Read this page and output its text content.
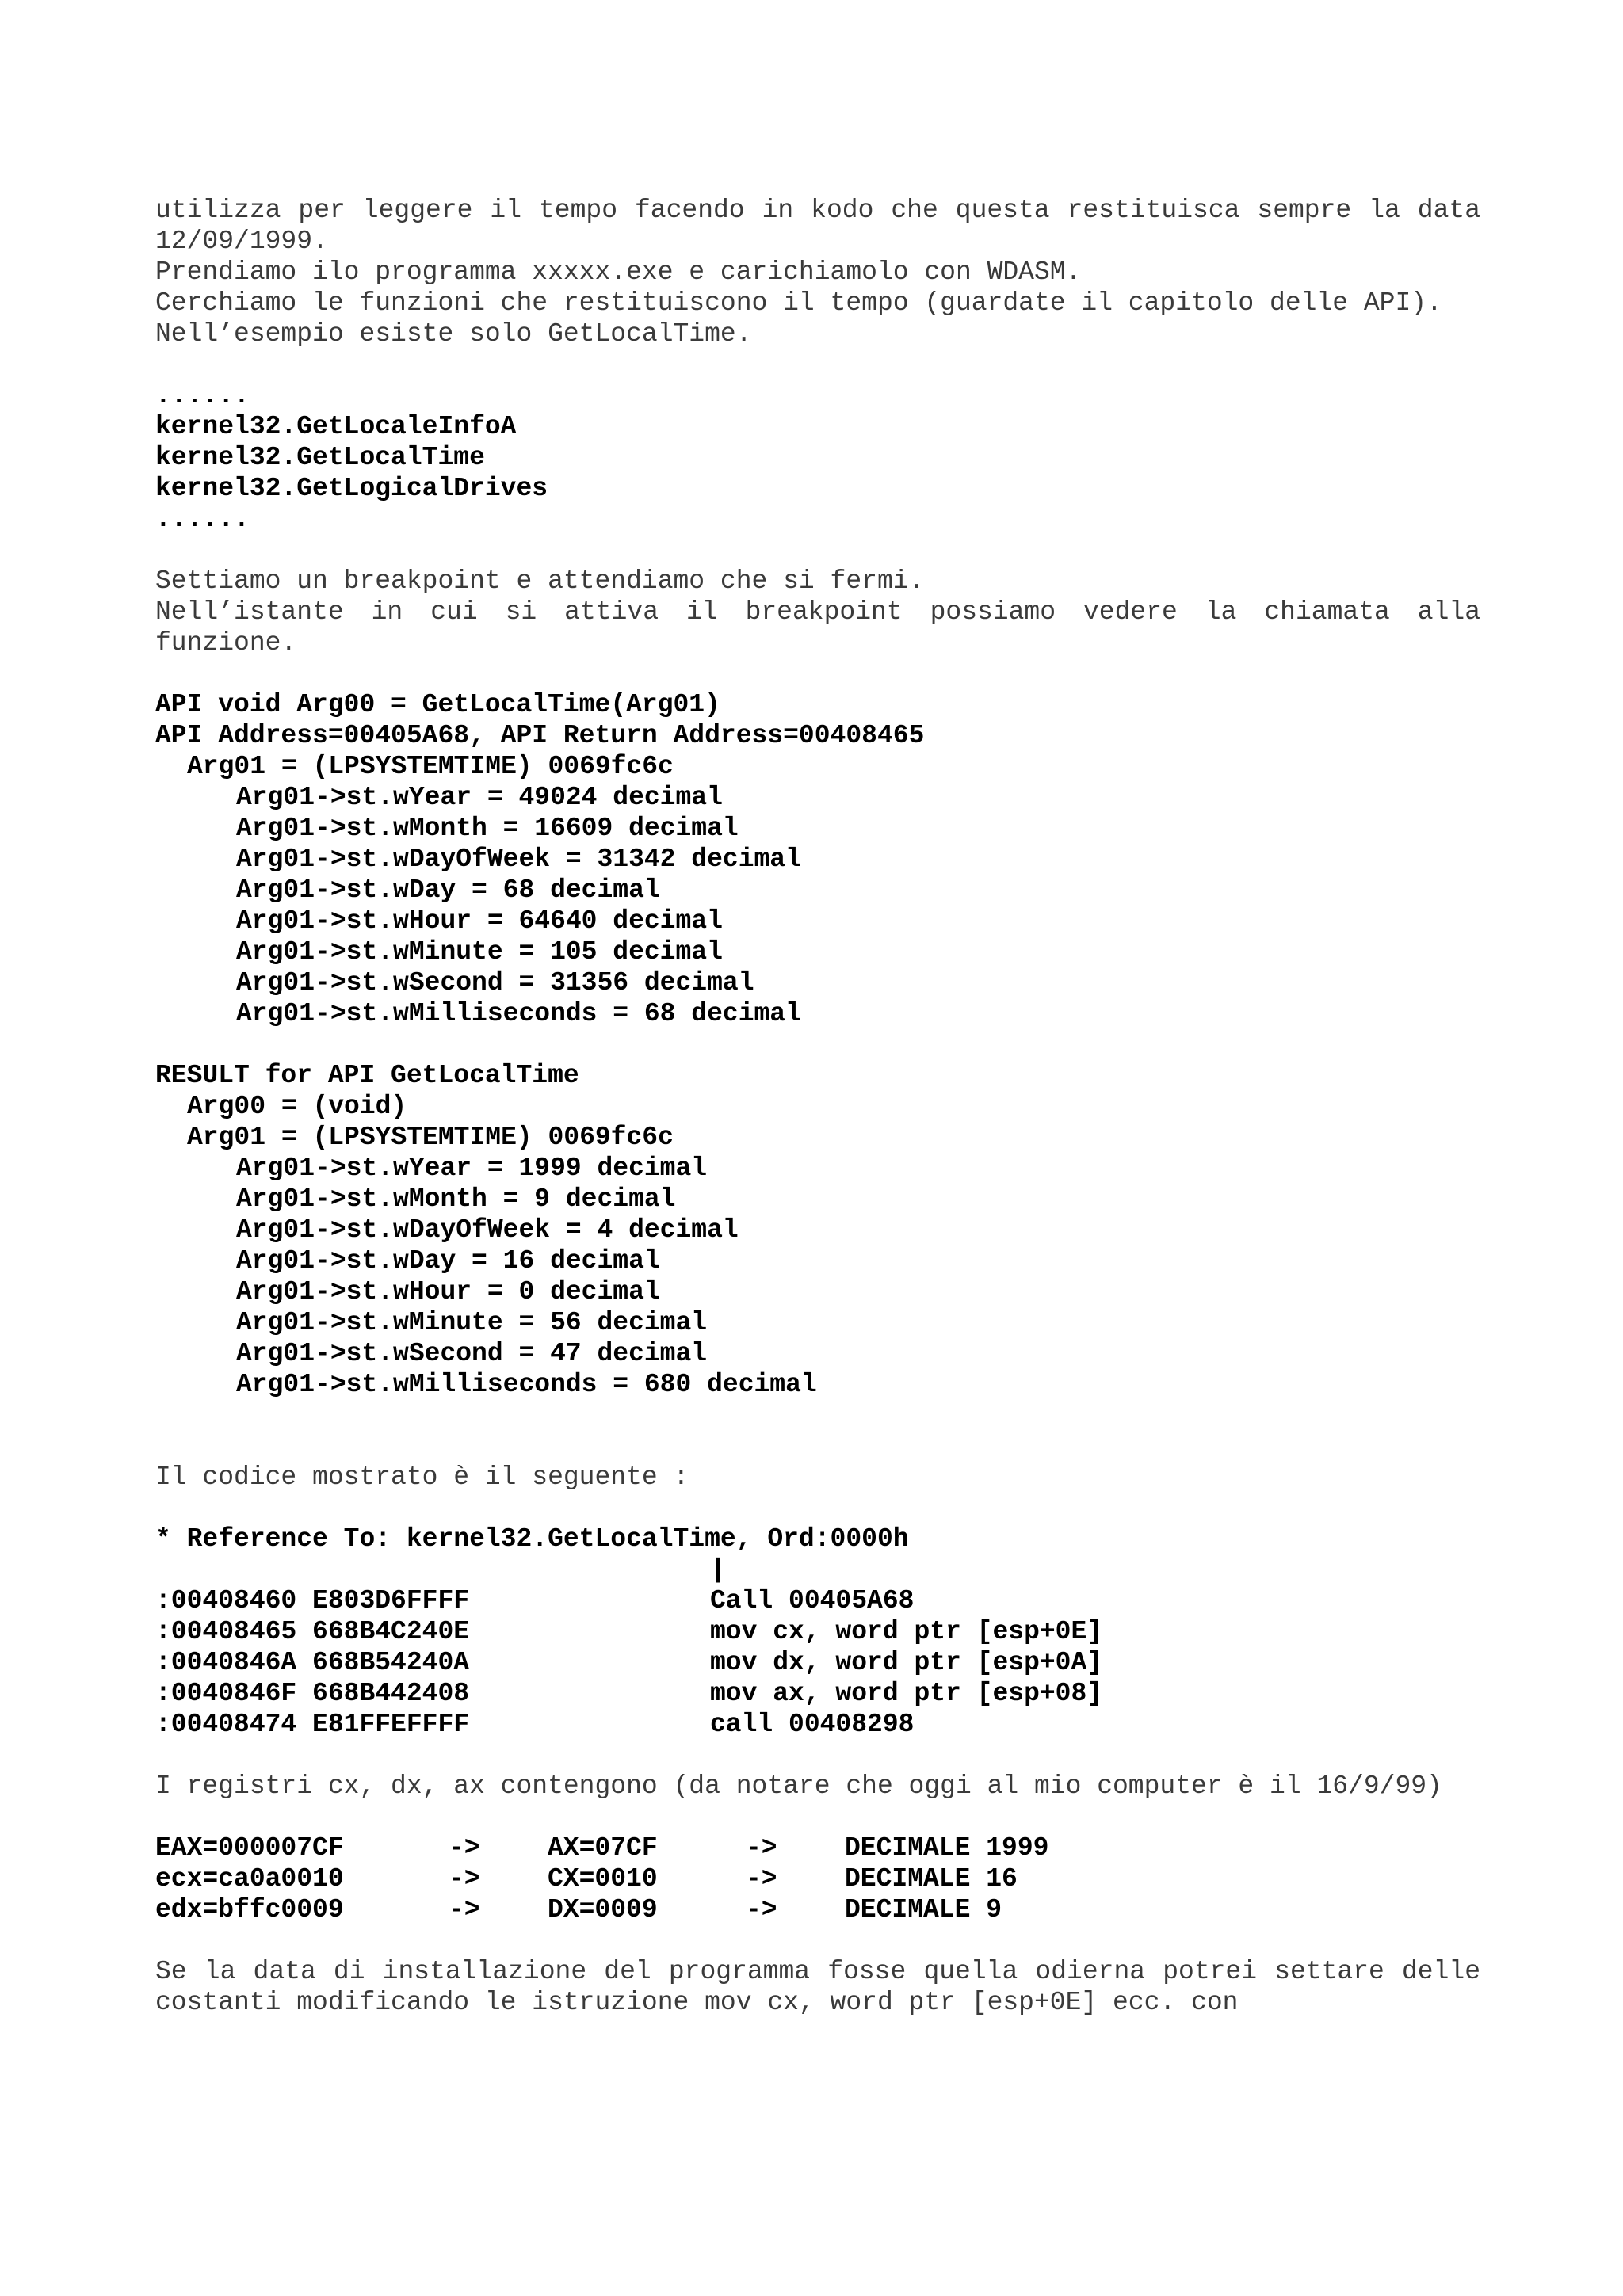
utilizza per leggere il tempo facendo in kodo che questa restituisca sempre la data 12/09/1999.

Prendiamo ilo programma xxxxx.exe e carichiamolo con WDASM.

Cerchiamo le funzioni che restituiscono il tempo (guardate il capitolo delle API).

Nell’esempio esiste solo GetLocalTime.

......
kernel32.GetLocaleInfoA
kernel32.GetLocalTime
kernel32.GetLogicalDrives
......

Settiamo un breakpoint e attendiamo che si fermi.

Nell’istante in cui si attiva il breakpoint possiamo vedere la chiamata alla funzione.

API void Arg00 = GetLocalTime(Arg01)
API Address=00405A68, API Return Address=00408465
Arg01 = (LPSYSTEMTIME) 0069fc6c
Arg01->st.wYear = 49024 decimal
Arg01->st.wMonth = 16609 decimal
Arg01->st.wDayOfWeek = 31342 decimal
Arg01->st.wDay = 68 decimal
Arg01->st.wHour = 64640 decimal
Arg01->st.wMinute = 105 decimal
Arg01->st.wSecond = 31356 decimal
Arg01->st.wMilliseconds = 68 decimal
RESULT for API GetLocalTime
Arg00 = (void)
Arg01 = (LPSYSTEMTIME) 0069fc6c
Arg01->st.wYear = 1999 decimal
Arg01->st.wMonth = 9 decimal
Arg01->st.wDayOfWeek = 4 decimal
Arg01->st.wDay = 16 decimal
Arg01->st.wHour = 0 decimal
Arg01->st.wMinute = 56 decimal
Arg01->st.wSecond = 47 decimal
Arg01->st.wMilliseconds = 680 decimal

Il codice mostrato è il seguente :

* Reference To: kernel32.GetLocalTime, Ord:0000h
|
:00408460 E803D6FFFF	Call 00405A68
:00408465 668B4C240E	mov cx, word ptr [esp+0E]
:0040846A 668B54240A	mov dx, word ptr [esp+0A]
:0040846F 668B442408	mov ax, word ptr [esp+08]
:00408474 E81FFEFFFF	call 00408298

I registri cx, dx, ax contengono (da notare che oggi al mio computer è il 16/9/99)

EAX=000007CF	->	AX=07CF	->	DECIMALE 1999
ecx=ca0a0010	->	CX=0010	->	DECIMALE 16
edx=bffc0009	->	DX=0009	->	DECIMALE 9

Se la data di installazione del programma fosse quella odierna potrei settare delle costanti modificando le istruzione mov cx, word ptr [esp+0E] ecc. con
